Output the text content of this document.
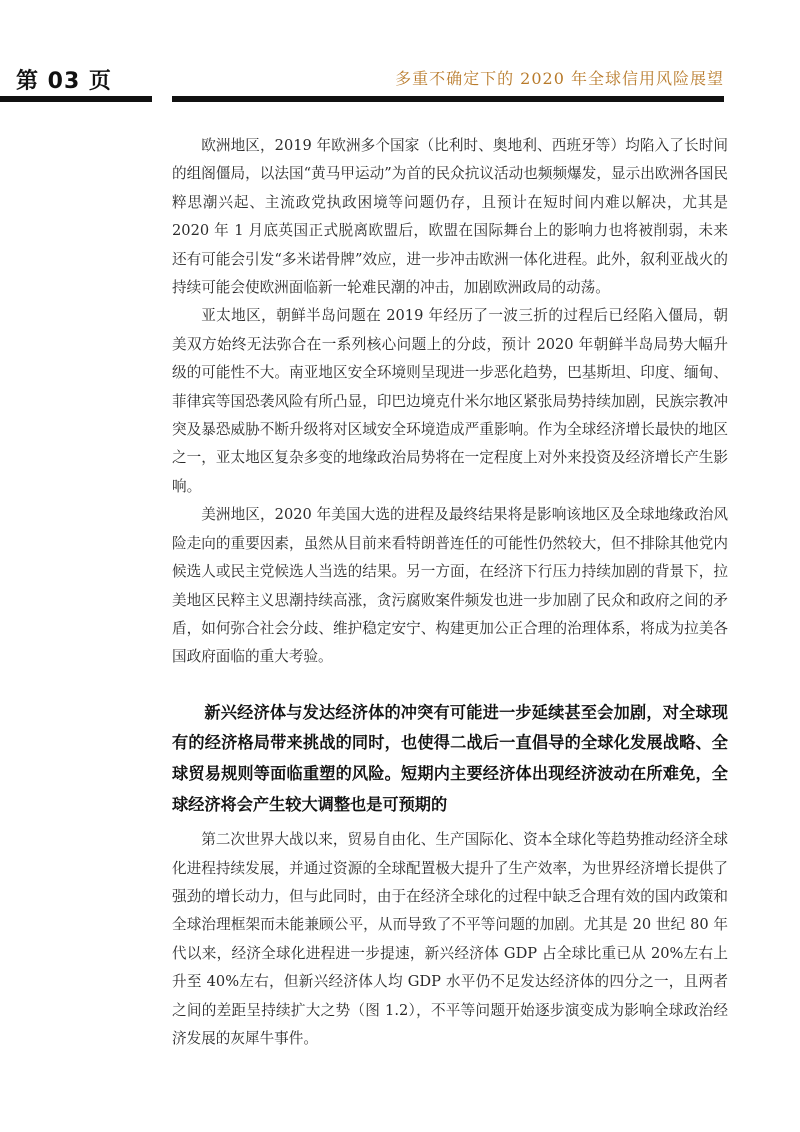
第 03 页	多重不确定下的 2020 年全球信用风险展望

欧洲地区，2019 年欧洲多个国家（比利时、奥地利、西班牙等）均陷入了长时间的组阁僵局，以法国“黄马甲运动”为首的民众抗议活动也频频爆发，显示出欧洲各国民粹思潮兴起、主流政党执政困境等问题仍存，且预计在短时间内难以解决，尤其是 2020 年 1 月底英国正式脱离欧盟后，欧盟在国际舞台上的影响力也将被削弱，未来还有可能会引发“多米诺骨牌”效应，进一步冲击欧洲一体化进程。此外，叙利亚战火的持续可能会使欧洲面临新一轮难民潮的冲击，加剧欧洲政局的动荡。

亚太地区，朝鲜半岛问题在 2019 年经历了一波三折的过程后已经陷入僵局，朝美双方始终无法弥合在一系列核心问题上的分歧，预计 2020 年朝鲜半岛局势大幅升级的可能性不大。南亚地区安全环境则呈现进一步恶化趋势，巴基斯坦、印度、缅甸、菲律宾等国恐袭风险有所凸显，印巴边境克什米尔地区紧张局势持续加剧，民族宗教冲突及暴恐威胁不断升级将对区域安全环境造成严重影响。作为全球经济增长最快的地区之一，亚太地区复杂多变的地缘政治局势将在一定程度上对外来投资及经济增长产生影响。

美洲地区，2020 年美国大选的进程及最终结果将是影响该地区及全球地缘政治风险走向的重要因素，虽然从目前来看特朗普连任的可能性仍然较大，但不排除其他党内候选人或民主党候选人当选的结果。另一方面，在经济下行压力持续加剧的背景下，拉美地区民粹主义思潮持续高涨，贪污腐败案件频发也进一步加剧了民众和政府之间的矛盾，如何弥合社会分歧、维护稳定安宁、构建更加公正合理的治理体系，将成为拉美各国政府面临的重大考验。

新兴经济体与发达经济体的冲突有可能进一步延续甚至会加剧，对全球现有的经济格局带来挑战的同时，也使得二战后一直倡导的全球化发展战略、全球贸易规则等面临重塑的风险。短期内主要经济体出现经济波动在所难免，全球经济将会产生较大调整也是可预期的

第二次世界大战以来，贸易自由化、生产国际化、资本全球化等趋势推动经济全球化进程持续发展，并通过资源的全球配置极大提升了生产效率，为世界经济增长提供了强劲的增长动力，但与此同时，由于在经济全球化的过程中缺乏合理有效的国内政策和全球治理框架而未能兼顾公平，从而导致了不平等问题的加剧。尤其是 20 世纪 80 年代以来，经济全球化进程进一步提速，新兴经济体 GDP 占全球比重已从 20%左右上升至 40%左右，但新兴经济体人均 GDP 水平仍不足发达经济体的四分之一，且两者之间的差距呈持续扩大之势（图 1.2），不平等问题开始逐步演变成为影响全球政治经济发展的灰犀牛事件。
